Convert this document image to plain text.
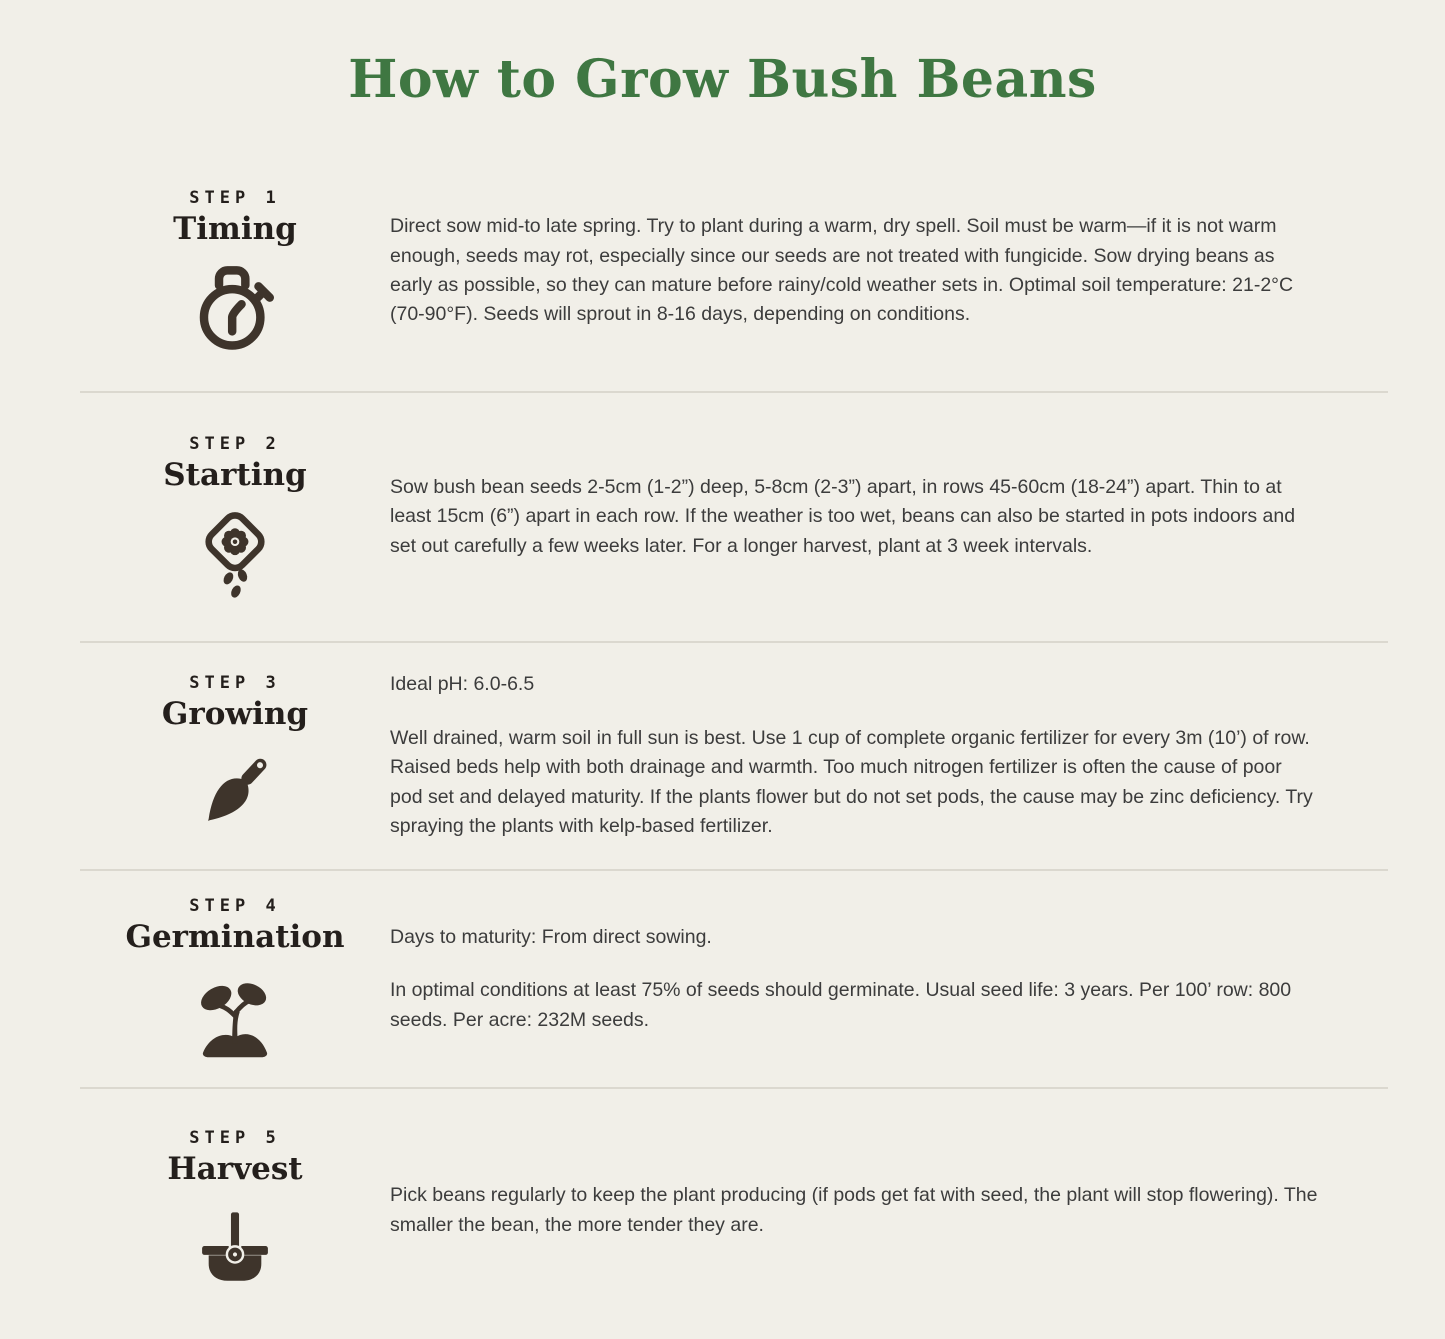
How to Grow Bush Beans
STEP 1
Timing	Direct sow mid-to late spring. Try to plant during a warm, dry spell. Soil must be warm—if it is not warm enough, seeds may rot, especially since our seeds are not treated with fungicide. Sow drying beans as early as possible, so they can mature before rainy/cold weather sets in. Optimal soil temperature: 21-2°C (70-90°F). Seeds will sprout in 8-16 days, depending on conditions.

STEP 2
Starting	Sow bush bean seeds 2-5cm (1-2”) deep, 5-8cm (2-3”) apart, in rows 45-60cm (18-24”) apart. Thin to at least 15cm (6”) apart in each row. If the weather is too wet, beans can also be started in pots indoors and set out carefully a few weeks later. For a longer harvest, plant at 3 week intervals.

STEP 3
Growing

Ideal pH: 6.0-6.5

Well drained, warm soil in full sun is best. Use 1 cup of complete organic fertilizer for every 3m (10’) of row. Raised beds help with both drainage and warmth. Too much nitrogen fertilizer is often the cause of poor pod set and delayed maturity. If the plants flower but do not set pods, the cause may be zinc deficiency. Try spraying the plants with kelp-based fertilizer.

STEP 4
Germination Days to maturity: From direct sowing.

In optimal conditions at least 75% of seeds should germinate. Usual seed life: 3 years. Per 100’ row: 800 seeds. Per acre: 232M seeds.

STEP 5
Harvest

Pick beans regularly to keep the plant producing (if pods get fat with seed, the plant will stop flowering). The smaller the bean, the more tender they are.
